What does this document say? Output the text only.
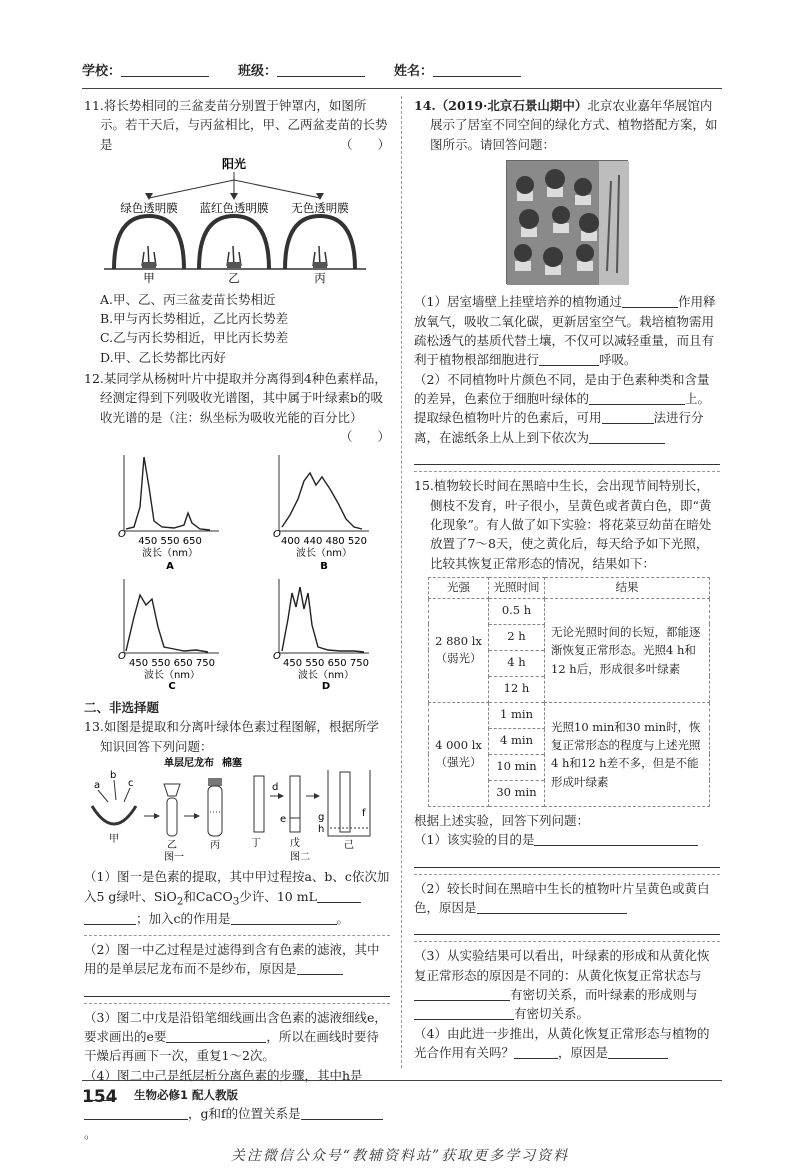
学校：	班级：	姓名：

11.将长势相同的三盆麦苗分别置于钟罩内，如图所示。若干天后，与丙盆相比，甲、乙两盆麦苗的长势是	（　　）

阳光
绿色透明膜 蓝红色透明膜 无色透明膜
甲	乙	丙

A.甲、乙、丙三盆麦苗长势相近

B.甲与丙长势相近，乙比丙长势差

C.乙与丙长势相近，甲比丙长势差

D.甲、乙长势都比丙好

12.某同学从杨树叶片中提取并分离得到4种色素样品，经测定得到下列吸收光谱图，其中属于叶绿素b的吸收光谱的是（注：纵坐标为吸收光能的百分比）
（　　）

O
450 550 650
波长（nm）
A
O
400 440 480 520
波长（nm）
B
O
450 550 650 750
波长（nm）
C
O
450 550 650 750
波长（nm）
D

二、非选择题

13.如图是提取和分离叶绿体色素过程图解，根据所学知识回答下列问题：

单层尼龙布 棉塞
a
b
c
甲
乙	丙
图一
d
e
f
g
h
丁	戊	己
图二

（1）图一是色素的提取，其中甲过程按a、b、c依次加入5 g绿叶、SiO$_2$和CaCO$_3$少许、10 mL
；加入c的作用是	。

（2）图一中乙过程是过滤得到含有色素的滤液，其中用的是单层尼龙布而不是纱布，原因是

（3）图二中戊是沿铅笔细线画出含色素的滤液细线e，要求画出的e要	，所以在画线时要待干燥后再画下一次，重复1～2次。

（4）图二中己是纸层析分离色素的步骤，其中h是
，g和f的位置关系是。

14.（2019·北京石景山期中）北京农业嘉年华展馆内展示了居室不同空间的绿化方式、植物搭配方案，如图所示。请回答问题：

（1）居室墙壁上挂壁培养的植物通过	作用释放氧气，吸收二氧化碳，更新居室空气。栽培植物需用疏松透气的基质代替土壤，不仅可以减轻重量，而且有利于植物根部细胞进行	呼吸。

（2）不同植物叶片颜色不同，是由于色素种类和含量的差异，色素位于细胞叶绿体的	上。提取绿色植物叶片的色素后，可用	法进行分离，在滤纸条上从上到下依次为

15.植物较长时间在黑暗中生长，会出现节间特别长，侧枝不发育，叶子很小，呈黄色或者黄白色，即“黄化现象”。有人做了如下实验：将花菜豆幼苗在暗处放置了7～8天，使之黄化后，每天给予如下光照，比较其恢复正常形态的情况，结果如下：

光强	光照时间	结果
2 880 lx
（弱光）	0.5 h	无论光照时间的长短，都能逐渐恢复正常形态。光照4 h和12 h后，形成很多叶绿素
	2 h	
	4 h	
	12 h	
4 000 lx
（强光）	1 min	光照10 min和30 min时，恢复正常形态的程度与上述光照4 h和12 h差不多，但是不能形成叶绿素
	4 min	
	10 min	
	30 min	

根据上述实验，回答下列问题：

（1）该实验的目的是

（2）较长时间在黑暗中生长的植物叶片呈黄色或黄白色，原因是

（3）从实验结果可以看出，叶绿素的形成和从黄化恢复正常形态的原因是不同的：从黄化恢复正常状态与有密切关系，而叶绿素的形成则与有密切关系。

（4）由此进一步推出，从黄化恢复正常形态与植物的光合作用有关吗？	，原因是

154 生物必修1 配人教版
关注微信公众号“教辅资料站”获取更多学习资料
